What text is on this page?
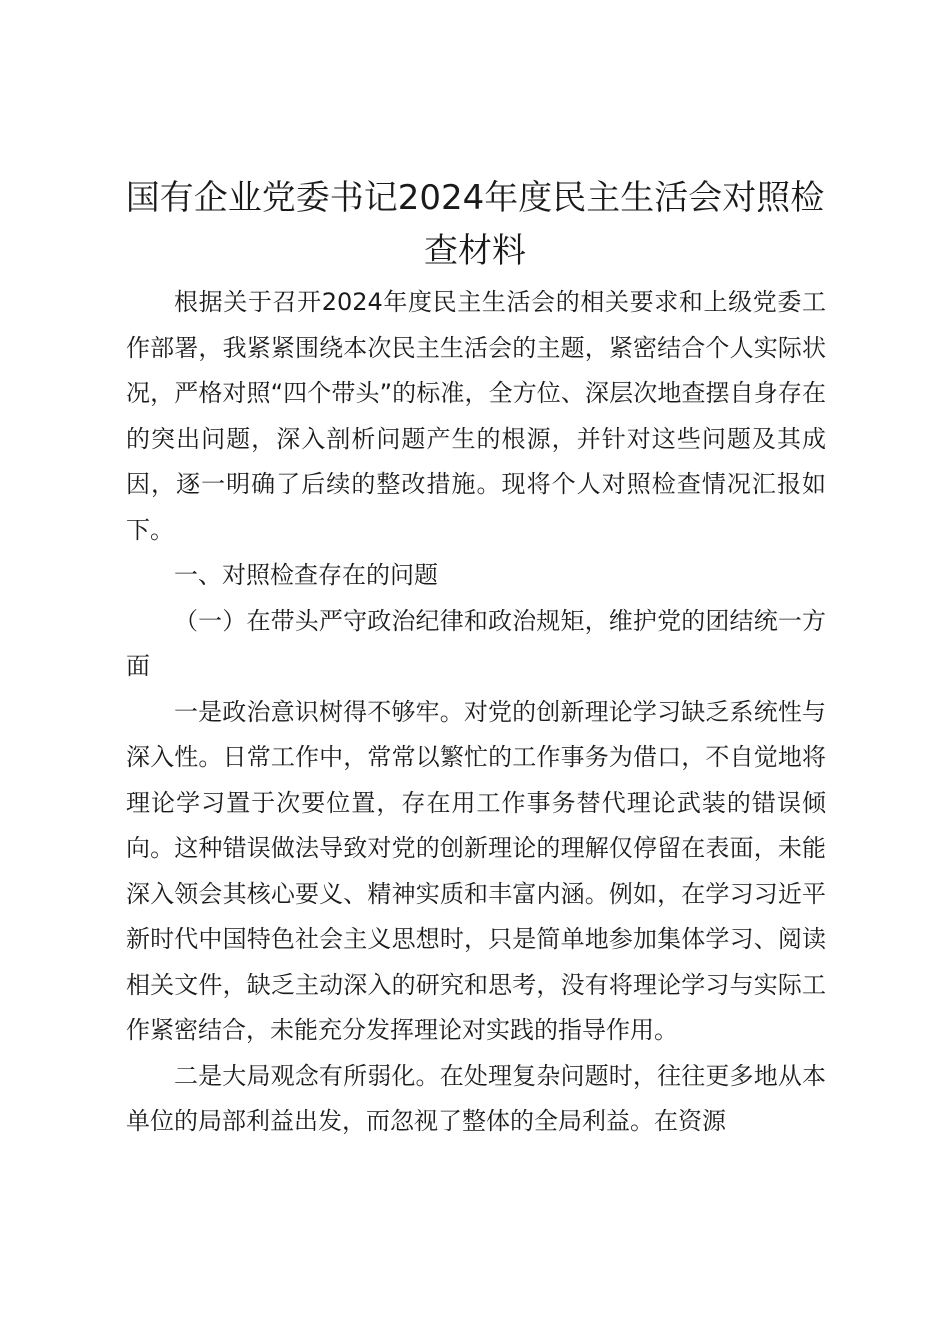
国有企业党委书记2024年度民主生活会对照检查材料

根据关于召开2024年度民主生活会的相关要求和上级党委工作部署，我紧紧围绕本次民主生活会的主题，紧密结合个人实际状况，严格对照“四个带头”的标准，全方位、深层次地查摆自身存在的突出问题，深入剖析问题产生的根源，并针对这些问题及其成因，逐一明确了后续的整改措施。现将个人对照检查情况汇报如下。

一、对照检查存在的问题

（一）在带头严守政治纪律和政治规矩，维护党的团结统一方面

一是政治意识树得不够牢。对党的创新理论学习缺乏系统性与深入性。日常工作中，常常以繁忙的工作事务为借口，不自觉地将理论学习置于次要位置，存在用工作事务替代理论武装的错误倾向。这种错误做法导致对党的创新理论的理解仅停留在表面，未能深入领会其核心要义、精神实质和丰富内涵。例如，在学习习近平新时代中国特色社会主义思想时，只是简单地参加集体学习、阅读相关文件，缺乏主动深入的研究和思考，没有将理论学习与实际工作紧密结合，未能充分发挥理论对实践的指导作用。

二是大局观念有所弱化。在处理复杂问题时，往往更多地从本单位的局部利益出发，而忽视了整体的全局利益。在资源
